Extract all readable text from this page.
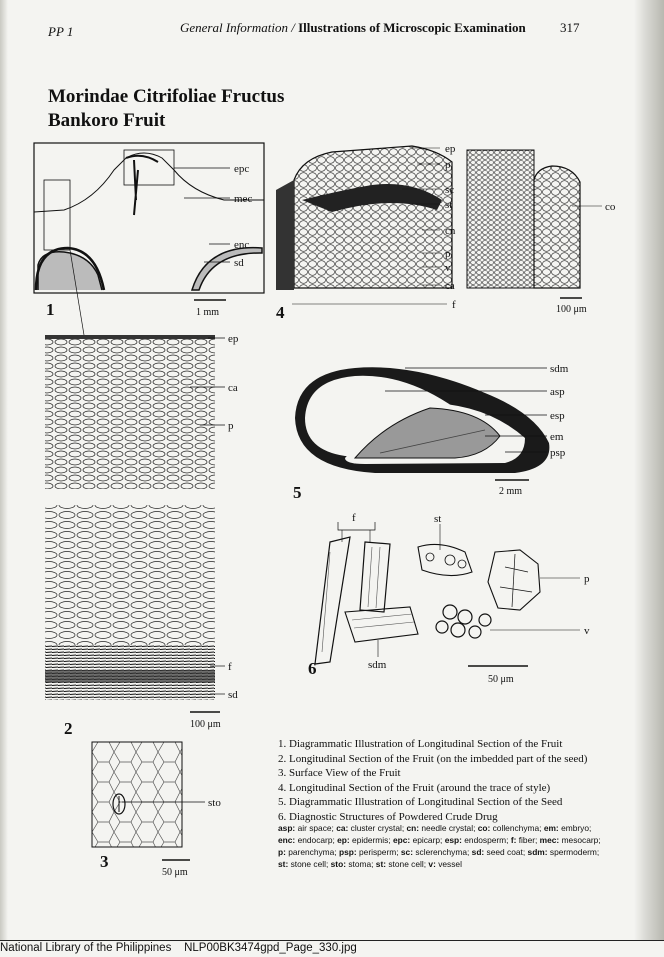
PP 1	General Information / Illustrations of Microscopic Examination	317
Morindae Citrifoliae Fructus
Bankoro Fruit
epc
mec
enc
sd
1	1 mm
ep
ca
p
f
sd
2	100 μm
sto
3
50 μm
ep
p
sc
st
cn
p
v
ca
f
co
4	100 μm
sdm
asp
esp
em
psp
5	2 mm
f	st
p
v
sdm
6
50 μm
1. Diagrammatic Illustration of Longitudinal Section of the Fruit
2. Longitudinal Section of the Fruit (on the imbedded part of the seed)
3. Surface View of the Fruit
4. Longitudinal Section of the Fruit (around the trace of style)
5. Diagrammatic Illustration of Longitudinal Section of the Seed
6. Diagnostic Structures of Powdered Crude Drug
asp: air space; ca: cluster crystal; cn: needle crystal; co: collenchyma; em: embryo; enc: endocarp; ep: epidermis; epc: epicarp; esp: endosperm; f: fiber; mec: mesocarp; p: parenchyma; psp: perisperm; sc: sclerenchyma; sd: seed coat; sdm: spermoderm; st: stone cell; sto: stoma; st: stone cell; v: vessel
National Library of the Philippines NLP00BK3474gpd_Page_330.jpg
